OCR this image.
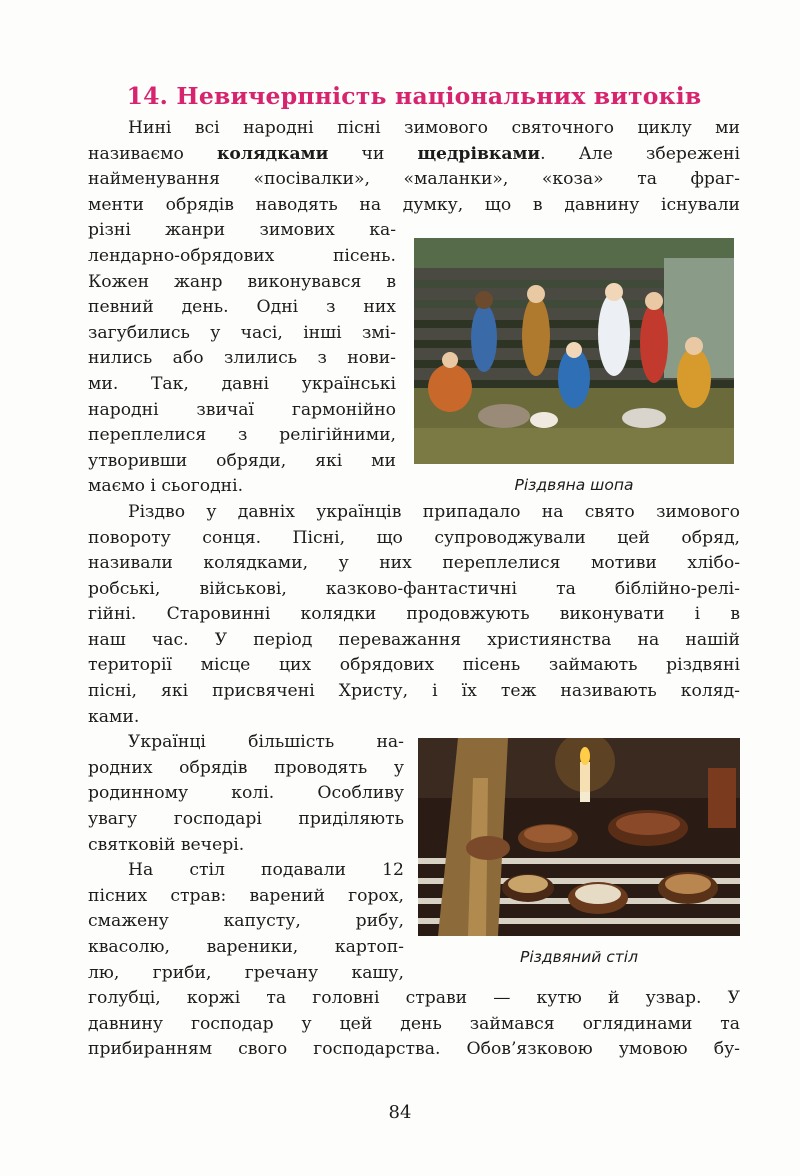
14. Невичерпність національних витоків
Нині всі народні пісні зимового святочного циклу ми
називаємо колядками чи щедрівками. Але збережені
найменування «посівалки», «маланки», «коза» та фраг-
менти обрядів наводять на думку, що в давнину існували
різні жанри зимових ка-
лендарно-обрядових пісень.
Кожен жанр виконувався в
певний день. Одні з них
загубились у часі, інші змі-
нились або злились з нови-
ми. Так, давні українські
народні звичаї гармонійно
переплелися з релігійними,
утворивши обряди, які ми
маємо і сьогодні.
Різдво у давніх українців припадало на свято зимового
повороту сонця. Пісні, що супроводжували цей обряд,
називали колядками, у них переплелися мотиви хлібо-
робські, військові, казково-фантастичні та біблійно-релі-
гійні. Старовинні колядки продовжують виконувати і в
наш час. У період переважання християнства на нашій
території місце цих обрядових пісень займають різдвяні
пісні, які присвячені Христу, і їх теж називають коляд-
ками.
Українці більшість на-
родних обрядів проводять у
родинному колі. Особливу
увагу господарі приділяють
святковій вечері.
На стіл подавали 12
пісних страв: варений горох,
смажену капусту, рибу,
квасолю, вареники, картоп-
лю, гриби, гречану кашу,
голубці, коржі та головні страви — кутю й узвар. У
давнину господар у цей день займався оглядинами та
прибиранням свого господарства. Обов’язковою умовою бу-
Різдвяна шопа
Різдвяний стіл
84
